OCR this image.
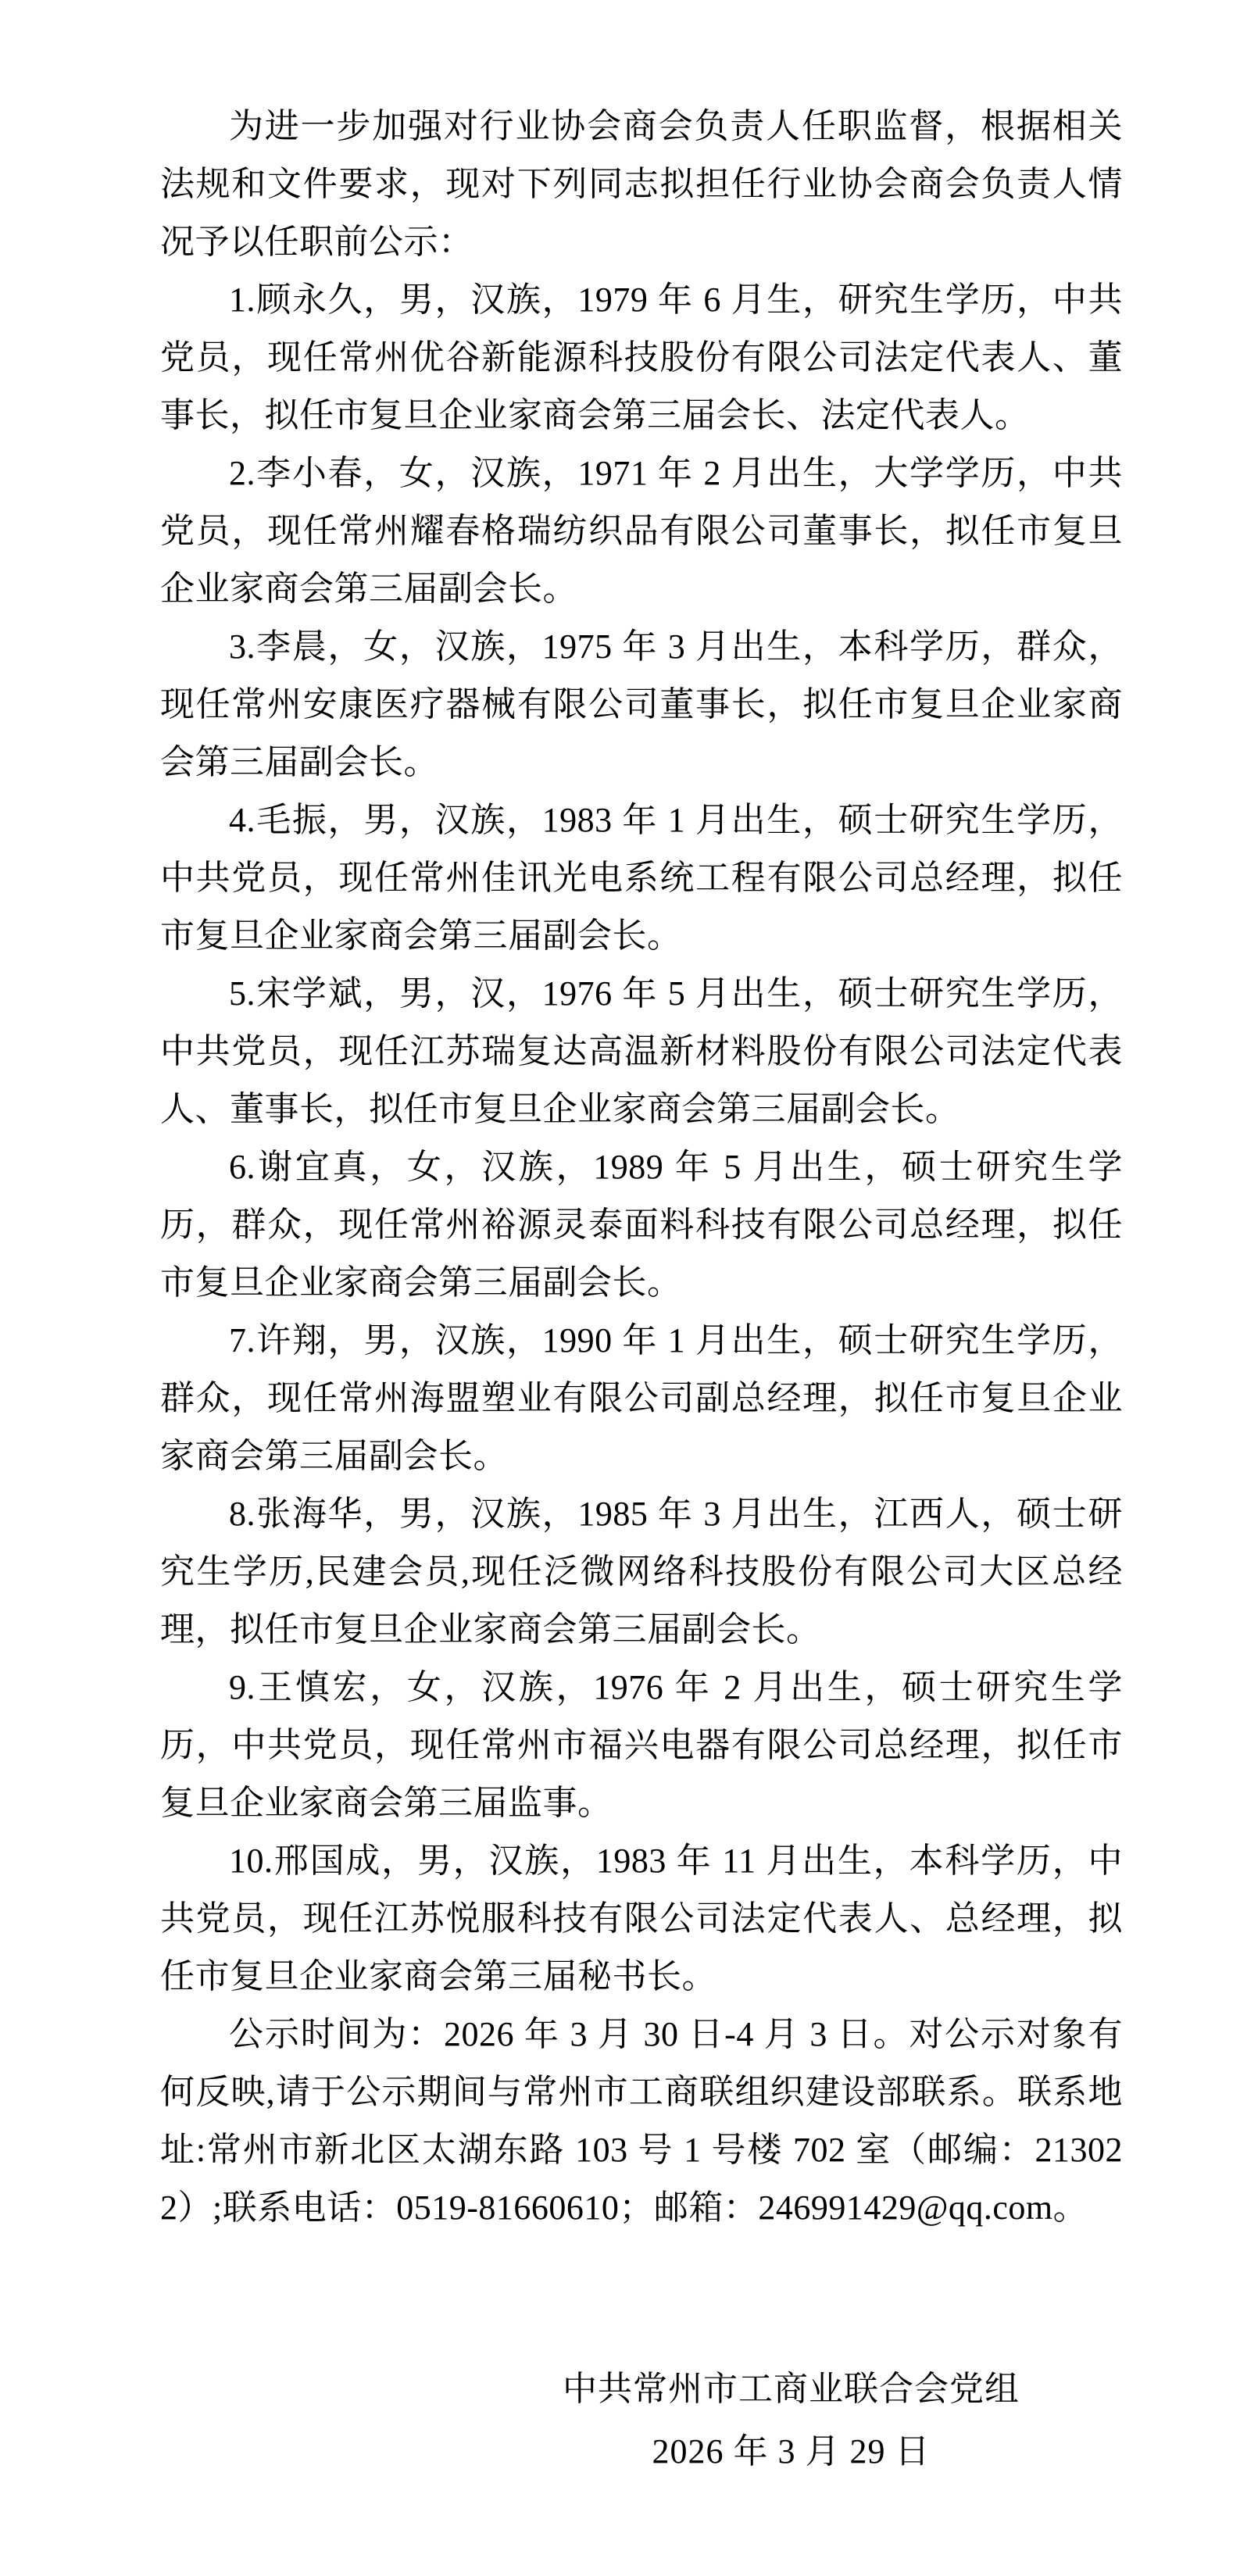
为进一步加强对行业协会商会负责人任职监督，根据相关法规和文件要求，现对下列同志拟担任行业协会商会负责人情况予以任职前公示：

1.顾永久，男，汉族，1979 年 6 月生，研究生学历，中共党员，现任常州优谷新能源科技股份有限公司法定代表人、董事长，拟任市复旦企业家商会第三届会长、法定代表人。

2.李小春，女，汉族，1971 年 2 月出生，大学学历，中共党员，现任常州耀春格瑞纺织品有限公司董事长，拟任市复旦企业家商会第三届副会长。

3.李晨，女，汉族，1975 年 3 月出生，本科学历，群众，现任常州安康医疗器械有限公司董事长，拟任市复旦企业家商会第三届副会长。

4.毛振，男，汉族，1983 年 1 月出生，硕士研究生学历，中共党员，现任常州佳讯光电系统工程有限公司总经理，拟任市复旦企业家商会第三届副会长。

5.宋学斌，男，汉，1976 年 5 月出生，硕士研究生学历，中共党员，现任江苏瑞复达高温新材料股份有限公司法定代表人、董事长，拟任市复旦企业家商会第三届副会长。

6.谢宜真，女，汉族，1989 年 5 月出生，硕士研究生学历，群众，现任常州裕源灵泰面料科技有限公司总经理，拟任市复旦企业家商会第三届副会长。

7.许翔，男，汉族，1990 年 1 月出生，硕士研究生学历，群众，现任常州海盟塑业有限公司副总经理，拟任市复旦企业家商会第三届副会长。

8.张海华，男，汉族，1985 年 3 月出生，江西人，硕士研究生学历,民建会员,现任泛微网络科技股份有限公司大区总经理，拟任市复旦企业家商会第三届副会长。

9.王慎宏，女，汉族，1976 年 2 月出生，硕士研究生学历，中共党员，现任常州市福兴电器有限公司总经理，拟任市复旦企业家商会第三届监事。

10.邢国成，男，汉族，1983 年 11 月出生，本科学历，中共党员，现任江苏悦服科技有限公司法定代表人、总经理，拟任市复旦企业家商会第三届秘书长。

公示时间为：2026 年 3 月 30 日-4 月 3 日。对公示对象有何反映,请于公示期间与常州市工商联组织建设部联系。联系地址:常州市新北区太湖东路 103 号 1 号楼 702 室（邮编：213022）;联系电话：0519-81660610；邮箱：246991429@qq.com。

中共常州市工商业联合会党组

2026 年 3 月 29 日
